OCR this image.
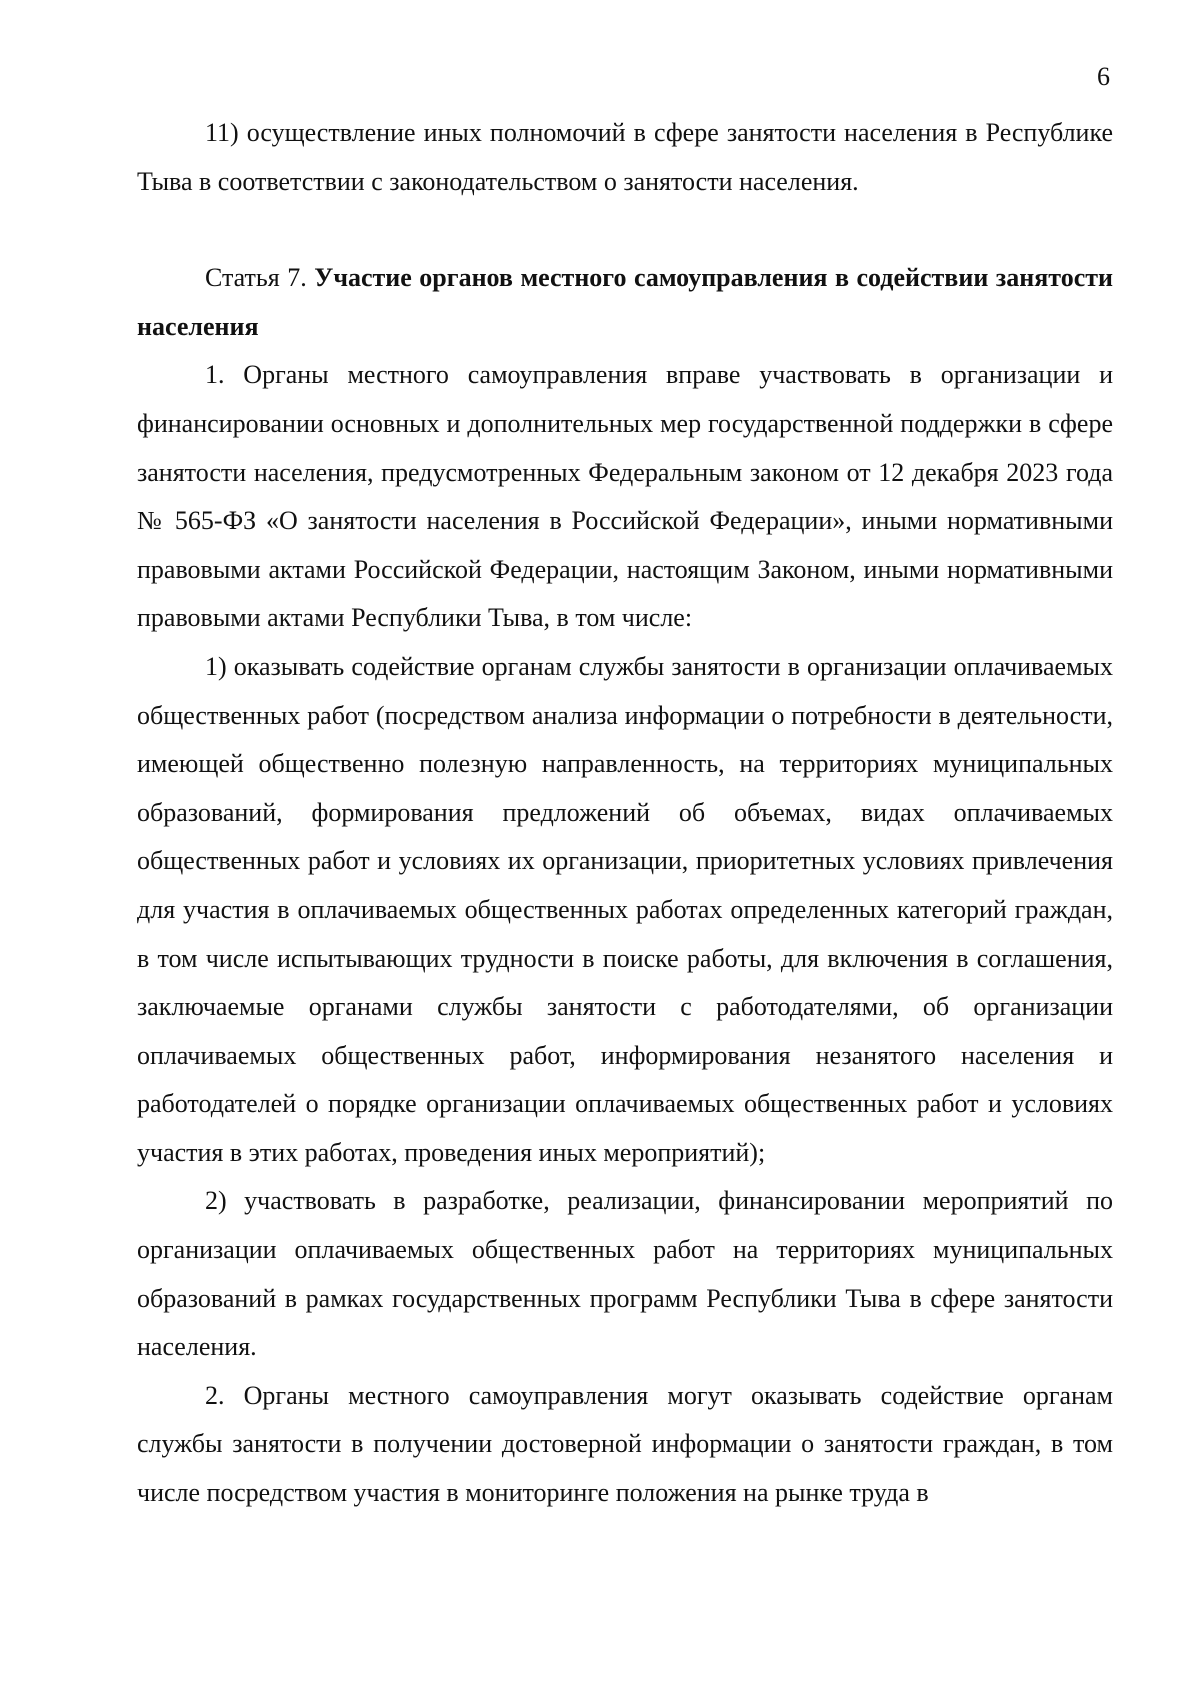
6

11) осуществление иных полномочий в сфере занятости населения в Республике Тыва в соответствии с законодательством о занятости населения.

Статья 7. Участие органов местного самоуправления в содействии занятости населения

1. Органы местного самоуправления вправе участвовать в организации и финансировании основных и дополнительных мер государственной поддержки в сфере занятости населения, предусмотренных Федеральным законом от 12 декабря 2023 года № 565-ФЗ «О занятости населения в Российской Федерации», иными нормативными правовыми актами Российской Федерации, настоящим Законом, иными нормативными правовыми актами Республики Тыва, в том числе:

1) оказывать содействие органам службы занятости в организации оплачиваемых общественных работ (посредством анализа информации о потребности в деятельности, имеющей общественно полезную направленность, на территориях муниципальных образований, формирования предложений об объемах, видах оплачиваемых общественных работ и условиях их организации, приоритетных условиях привлечения для участия в оплачиваемых общественных работах определенных категорий граждан, в том числе испытывающих трудности в поиске работы, для включения в соглашения, заключаемые органами службы занятости с работодателями, об организации оплачиваемых общественных работ, информирования незанятого населения и работодателей о порядке организации оплачиваемых общественных работ и условиях участия в этих работах, проведения иных мероприятий);

2) участвовать в разработке, реализации, финансировании мероприятий по организации оплачиваемых общественных работ на территориях муниципальных образований в рамках государственных программ Республики Тыва в сфере занятости населения.

2. Органы местного самоуправления могут оказывать содействие органам службы занятости в получении достоверной информации о занятости граждан, в том числе посредством участия в мониторинге положения на рынке труда в
